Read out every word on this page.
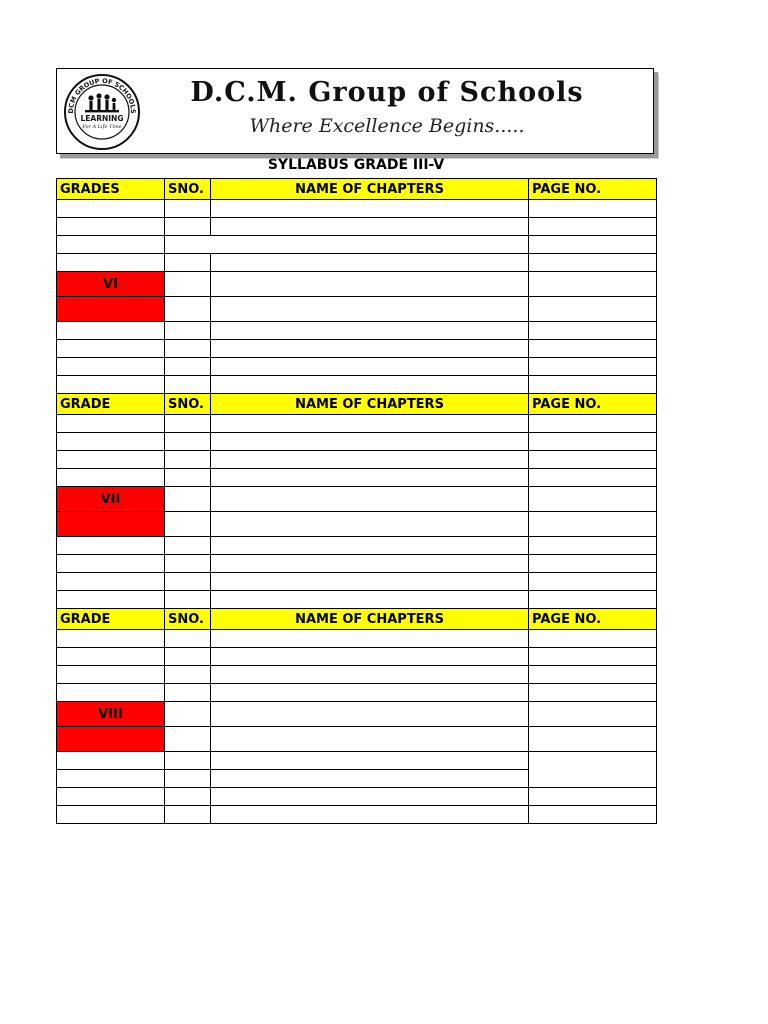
DCM GROUP OF SCHOOLS
LEARNING
For A Life Time
D.C.M. Group of Schools
Where Excellence Begins.....
SYLLABUS GRADE III-V
GRADES	SNO.	NAME OF CHAPTERS	PAGE NO.

VI			

GRADE	SNO.	NAME OF CHAPTERS	PAGE NO.

VII			

GRADE	SNO.	NAME OF CHAPTERS	PAGE NO.

VIII			
